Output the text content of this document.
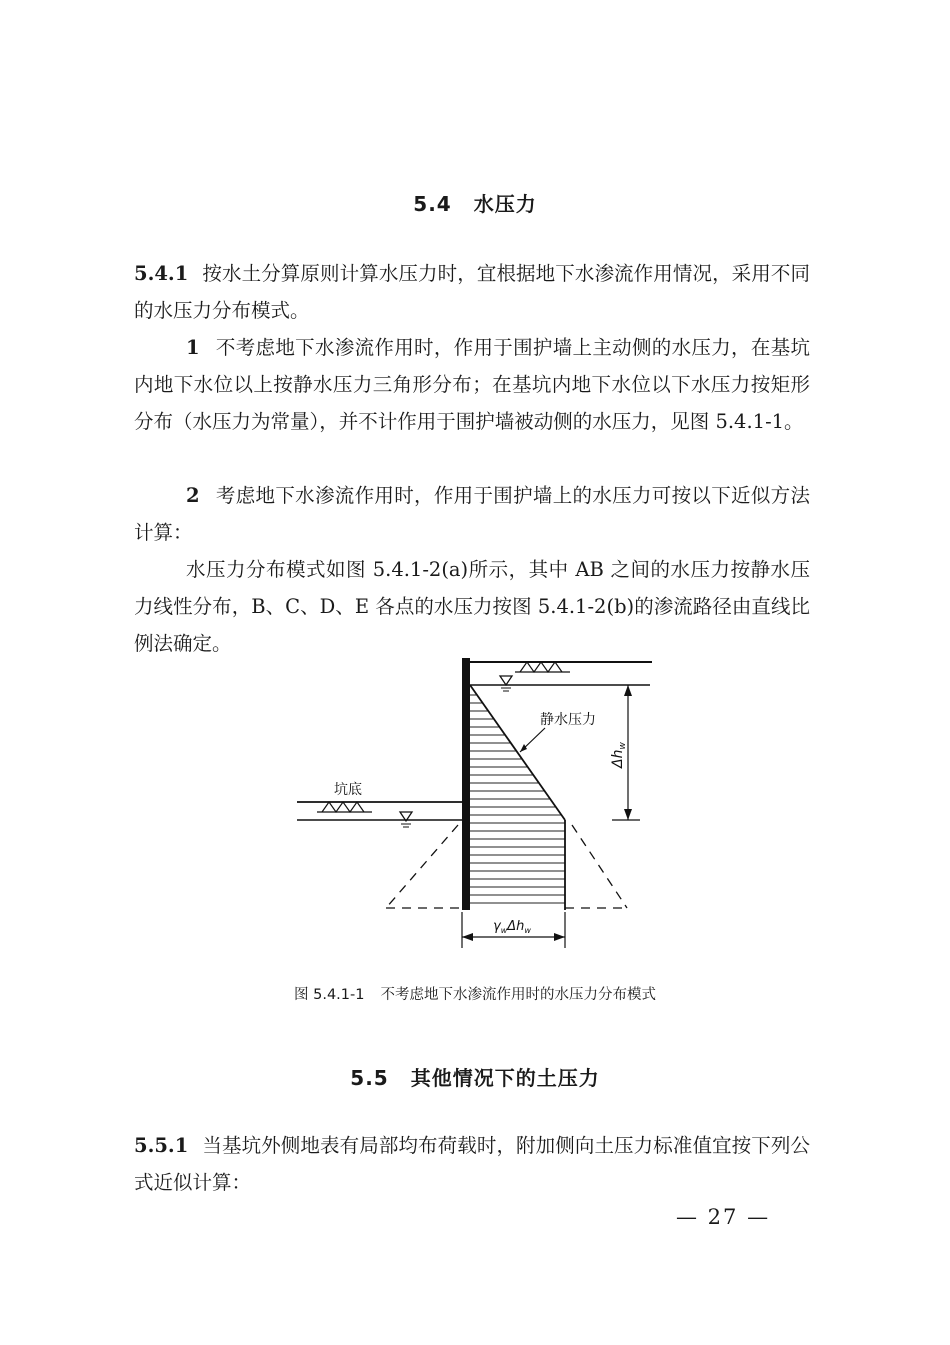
5.4 水压力
5.4.1 按水土分算原则计算水压力时，宜根据地下水渗流作用情况，采用不同的水压力分布模式。
1 不考虑地下水渗流作用时，作用于围护墙上主动侧的水压力，在基坑内地下水位以上按静水压力三角形分布；在基坑内地下水位以下水压力按矩形分布（水压力为常量），并不计作用于围护墙被动侧的水压力，见图 5.4.1-1。
2 考虑地下水渗流作用时，作用于围护墙上的水压力可按以下近似方法计算：
水压力分布模式如图 5.4.1-2(a)所示，其中 AB 之间的水压力按静水压力线性分布，B、C、D、E 各点的水压力按图 5.4.1-2(b)的渗流路径由直线比例法确定。
静水压力
$\Delta h_w$
坑底
$\gamma_w\Delta h_w$
图 5.4.1-1 不考虑地下水渗流作用时的水压力分布模式
5.5 其他情况下的土压力
5.5.1 当基坑外侧地表有局部均布荷载时，附加侧向土压力标准值宜按下列公式近似计算：
— 27 —
